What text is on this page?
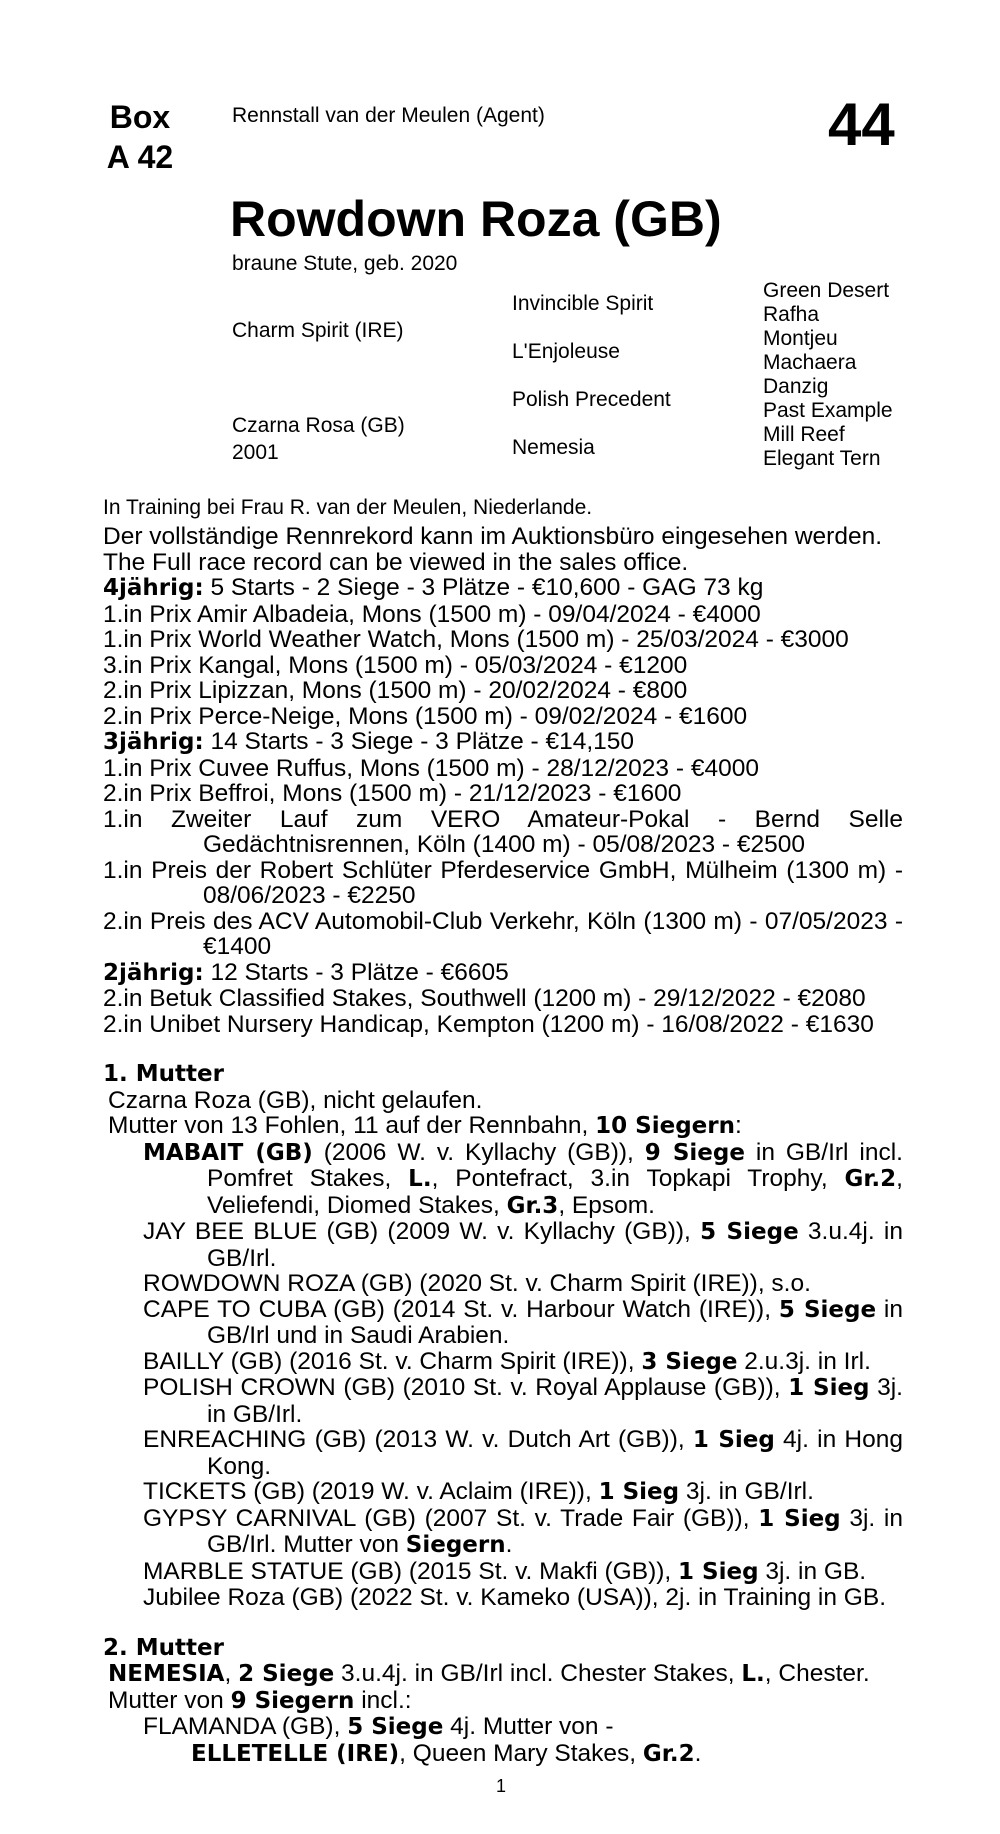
Box
A 42
Rennstall van der Meulen (Agent)	44
Rowdown Roza (GB)
braune Stute, geb. 2020
Charm Spirit (IRE)
Czarna Rosa (GB)
2001
Invincible Spirit
L'Enjoleuse
Polish Precedent
Nemesia
Green Desert
Rafha
Montjeu
Machaera
Danzig
Past Example
Mill Reef
Elegant Tern
In Training bei Frau R. van der Meulen, Niederlande.
Der vollständige Rennrekord kann im Auktionsbüro eingesehen werden.
The Full race record can be viewed in the sales office.
4jährig: 5 Starts - 2 Siege - 3 Plätze - €10,600 - GAG 73 kg
1.in Prix Amir Albadeia, Mons (1500 m) - 09/04/2024 - €4000
1.in Prix World Weather Watch, Mons (1500 m) - 25/03/2024 - €3000
3.in Prix Kangal, Mons (1500 m) - 05/03/2024 - €1200
2.in Prix Lipizzan, Mons (1500 m) - 20/02/2024 - €800
2.in Prix Perce-Neige, Mons (1500 m) - 09/02/2024 - €1600
3jährig: 14 Starts - 3 Siege - 3 Plätze - €14,150
1.in Prix Cuvee Ruffus, Mons (1500 m) - 28/12/2023 - €4000
2.in Prix Beffroi, Mons (1500 m) - 21/12/2023 - €1600
1.in Zweiter Lauf zum VERO Amateur-Pokal - Bernd Selle Gedächtnisrennen, Köln (1400 m) - 05/08/2023 - €2500
1.in Preis der Robert Schlüter Pferdeservice GmbH, Mülheim (1300 m) - 08/06/2023 - €2250
2.in Preis des ACV Automobil-Club Verkehr, Köln (1300 m) - 07/05/2023 - €1400
2jährig: 12 Starts - 3 Plätze - €6605
2.in Betuk Classified Stakes, Southwell (1200 m) - 29/12/2022 - €2080
2.in Unibet Nursery Handicap, Kempton (1200 m) - 16/08/2022 - €1630
1. Mutter
Czarna Roza (GB), nicht gelaufen.
Mutter von 13 Fohlen, 11 auf der Rennbahn, 10 Siegern:
MABAIT (GB) (2006 W. v. Kyllachy (GB)), 9 Siege in GB/Irl incl. Pomfret Stakes, L., Pontefract, 3.in Topkapi Trophy, Gr.2, Veliefendi, Diomed Stakes, Gr.3, Epsom.
JAY BEE BLUE (GB) (2009 W. v. Kyllachy (GB)), 5 Siege 3.u.4j. in GB/Irl.
ROWDOWN ROZA (GB) (2020 St. v. Charm Spirit (IRE)), s.o.
CAPE TO CUBA (GB) (2014 St. v. Harbour Watch (IRE)), 5 Siege in GB/Irl und in Saudi Arabien.
BAILLY (GB) (2016 St. v. Charm Spirit (IRE)), 3 Siege 2.u.3j. in Irl.
POLISH CROWN (GB) (2010 St. v. Royal Applause (GB)), 1 Sieg 3j. in GB/Irl.
ENREACHING (GB) (2013 W. v. Dutch Art (GB)), 1 Sieg 4j. in Hong Kong.
TICKETS (GB) (2019 W. v. Aclaim (IRE)), 1 Sieg 3j. in GB/Irl.
GYPSY CARNIVAL (GB) (2007 St. v. Trade Fair (GB)), 1 Sieg 3j. in GB/Irl. Mutter von Siegern.
MARBLE STATUE (GB) (2015 St. v. Makfi (GB)), 1 Sieg 3j. in GB.
Jubilee Roza (GB) (2022 St. v. Kameko (USA)), 2j. in Training in GB.
2. Mutter
NEMESIA, 2 Siege 3.u.4j. in GB/Irl incl. Chester Stakes, L., Chester.
Mutter von 9 Siegern incl.:
FLAMANDA (GB), 5 Siege 4j. Mutter von -
ELLETELLE (IRE), Queen Mary Stakes, Gr.2.
1
